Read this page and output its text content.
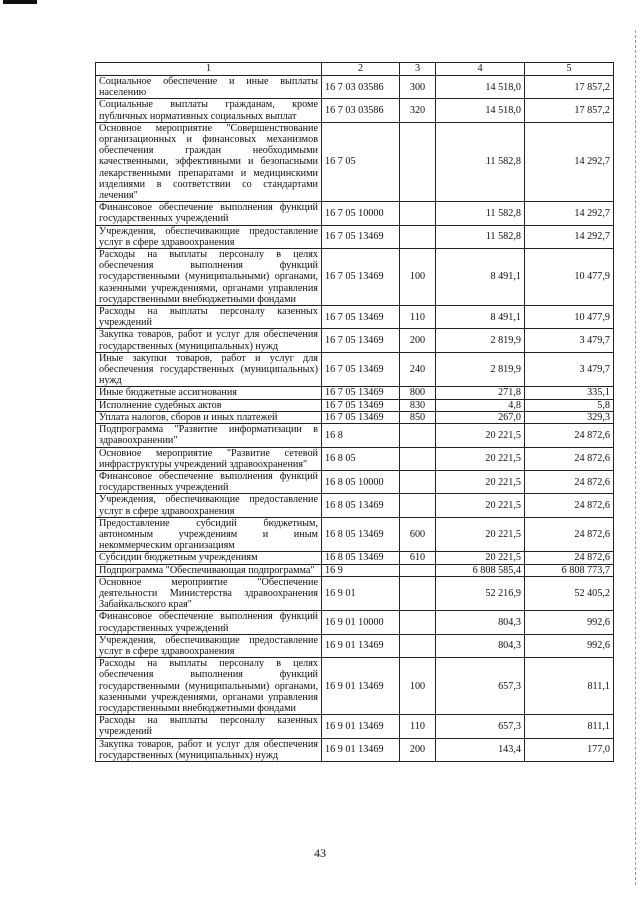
1	2	3	4	5
Социальное обеспечение и иные выплаты населению	16 7 03 03586	300	14 518,0	17 857,2
Социальные выплаты гражданам, кроме публичных нормативных социальных выплат	16 7 03 03586	320	14 518,0	17 857,2
Основное мероприятие "Совершенствование организационных и финансовых механизмов обеспечения граждан необходимыми качественными, эффективными и безопасными лекарственными препаратами и медицинскими изделиями в соответствии со стандартами лечения"	16 7 05		11 582,8	14 292,7
Финансовое обеспечение выполнения функций государственных учреждений	16 7 05 10000		11 582,8	14 292,7
Учреждения, обеспечивающие предоставление услуг в сфере здравоохранения	16 7 05 13469		11 582,8	14 292,7
Расходы на выплаты персоналу в целях обеспечения выполнения функций государственными (муниципальными) органами, казенными учреждениями, органами управления государственными внебюджетными фондами	16 7 05 13469	100	8 491,1	10 477,9
Расходы на выплаты персоналу казенных учреждений	16 7 05 13469	110	8 491,1	10 477,9
Закупка товаров, работ и услуг для обеспечения государственных (муниципальных) нужд	16 7 05 13469	200	2 819,9	3 479,7
Иные закупки товаров, работ и услуг для обеспечения государственных (муниципальных) нужд	16 7 05 13469	240	2 819,9	3 479,7
Иные бюджетные ассигнования	16 7 05 13469	800	271,8	335,1
Исполнение судебных актов	16 7 05 13469	830	4,8	5,8
Уплата налогов, сборов и иных платежей	16 7 05 13469	850	267,0	329,3
Подпрограмма "Развитие информатизации в здравоохранении"	16 8		20 221,5	24 872,6
Основное мероприятие "Развитие сетевой инфраструктуры учреждений здравоохранения"	16 8 05		20 221,5	24 872,6
Финансовое обеспечение выполнения функций государственных учреждений	16 8 05 10000		20 221,5	24 872,6
Учреждения, обеспечивающие предоставление услуг в сфере здравоохранения	16 8 05 13469		20 221,5	24 872,6
Предоставление субсидий бюджетным, автономным учреждениям и иным некоммерческим организациям	16 8 05 13469	600	20 221,5	24 872,6
Субсидии бюджетным учреждениям	16 8 05 13469	610	20 221,5	24 872,6
Подпрограмма "Обеспечивающая подпрограмма"	16 9		6 808 585,4	6 808 773,7
Основное мероприятие "Обеспечение деятельности Министерства здравоохранения Забайкальского края"	16 9 01		52 216,9	52 405,2
Финансовое обеспечение выполнения функций государственных учреждений	16 9 01 10000		804,3	992,6
Учреждения, обеспечивающие предоставление услуг в сфере здравоохранения	16 9 01 13469		804,3	992,6
Расходы на выплаты персоналу в целях обеспечения выполнения функций государственными (муниципальными) органами, казенными учреждениями, органами управления государственными внебюджетными фондами	16 9 01 13469	100	657,3	811,1
Расходы на выплаты персоналу казенных учреждений	16 9 01 13469	110	657,3	811,1
Закупка товаров, работ и услуг для обеспечения государственных (муниципальных) нужд	16 9 01 13469	200	143,4	177,0
43
